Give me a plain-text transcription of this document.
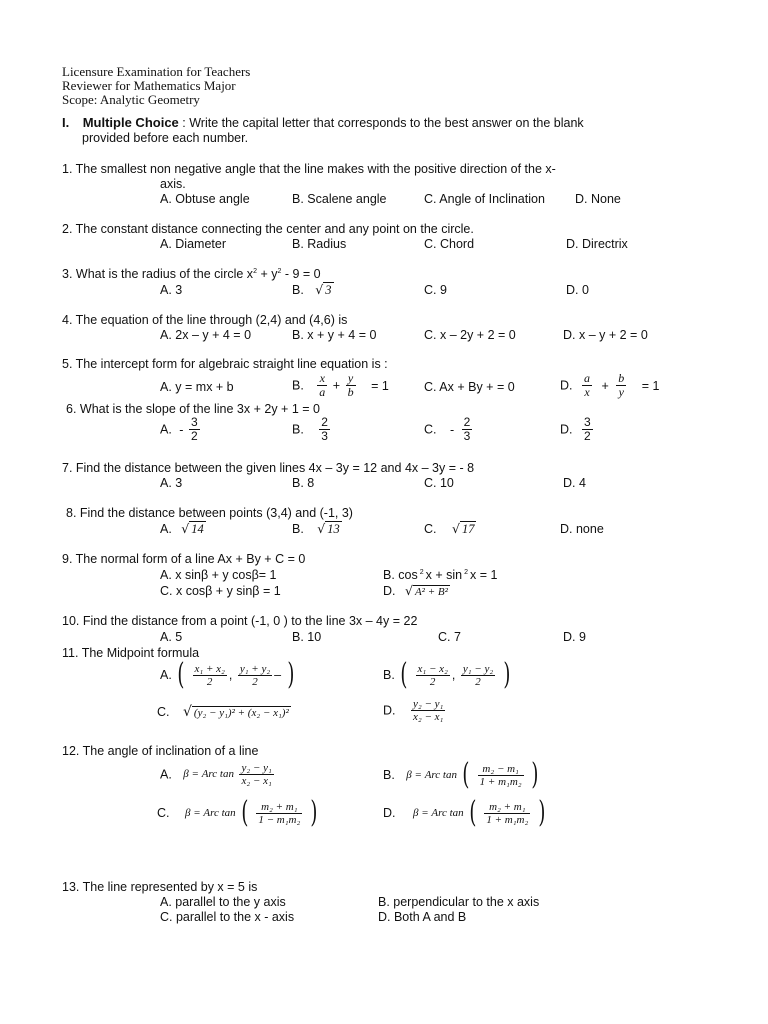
Licensure Examination for Teachers
Reviewer for Mathematics Major
Scope: Analytic Geometry
I. Multiple Choice : Write the capital letter that corresponds to the best answer on the blank
provided before each number.
1. The smallest non negative angle that the line makes with the positive direction of the x-
axis.
A. Obtuse angle	B. Scalene angle	C. Angle of Inclination D. None
2. The constant distance connecting the center and any point on the circle.
A. Diameter	B. Radius	C. Chord	D. Directrix
3. What is the radius of the circle $x^2 + y^2 - 9 = 0$
A. 3	B. √ 3	C. 9	D. 0
4. The equation of the line through (2,4) and (4,6) is
A. 2x – y + 4 = 0	B. x + y + 4 = 0	C. x – 2y + 2 = 0	D. x – y + 2 = 0
5. The intercept form for algebraic straight line equation is :
A. y = mx + b	B. $\frac{x}{a} + \frac{y}{b} = 1$	C. Ax + By + = 0	D. $\frac{a}{x} + \frac{b}{y} = 1$
6. What is the slope of the line 3x + 2y + 1 = 0
A. - $\frac{3}{2}$	B. $\frac{2}{3}$	C. - $\frac{2}{3}$	D. $\frac{3}{2}$
7. Find the distance between the given lines 4x – 3y = 12 and 4x – 3y = - 8
A. 3	B. 8	C. 10	D. 4
8. Find the distance between points (3,4) and (-1, 3)
A. √ 14	B. √ 13	C. √ 17	D. none
9. The normal form of a line Ax + By + C = 0
A. x sinβ + y cosβ= 1	B. cos $^2$ x + sin $^2$ x = 1
C. x cosβ + y sinβ = 1	D. √ A² + B²
10. Find the distance from a point (-1, 0 ) to the line 3x – 4y = 22
A. 5	B. 10	C. 7	D. 9
11. The Midpoint formula
A. ( $\frac{\text{x₁ + x₂}}{2}$ , $\frac{\text{y₁ + y₂}}{2}$ – )	B. ( $\frac{\text{x₁ − x₂}}{2}$ , $\frac{\text{y₁ − y₂}}{2}$ )
C. √ (y₂ − y₁)² + (x₂ − x₁)²	D. $\frac{\text{y₂ − y₁}}{\text{x₂ − x₁}}$
12. The angle of inclination of a line
A. β = Arc $\tan \frac{\text{y₂ − y₁}}{\text{x₂ − x₁}}$	B. β = Arc tan ( $\frac{\text{m₂ − m₁}}{\text{1 + m₁m₂}}$ )
C. β = Arc tan ( $\frac{\text{m₂ + m₁}}{\text{1 − m₁m₂}}$ )	D. β = Arc tan ( $\frac{\text{m₂ + m₁}}{\text{1 + m₁m₂}}$ )
13. The line represented by x = 5 is
A. parallel to the y axis	B. perpendicular to the x axis
C. parallel to the x - axis	D. Both A and B
